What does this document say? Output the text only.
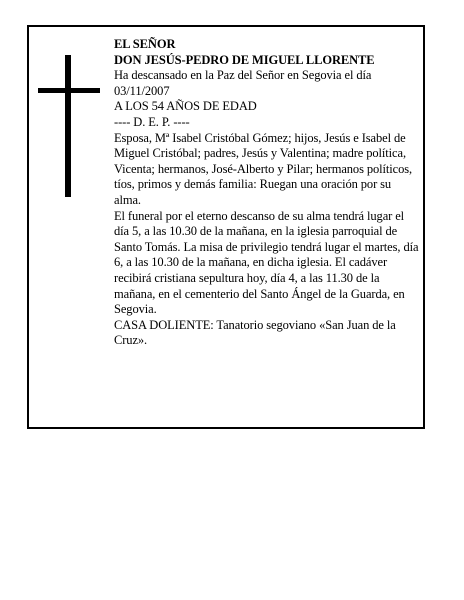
EL SEÑOR

DON JESÚS-PEDRO DE MIGUEL LLORENTE

Ha descansado en la Paz del Señor en Segovia el día 03/11/2007

A LOS 54 AÑOS DE EDAD

---- D. E. P. ----

Esposa, Mª Isabel Cristóbal Gómez; hijos, Jesús e Isabel de Miguel Cristóbal; padres, Jesús y Valentina; madre política, Vicenta; hermanos, José-Alberto y Pilar; hermanos políticos, tíos, primos y demás familia: Ruegan una oración por su alma.

El funeral por el eterno descanso de su alma tendrá lugar el día 5, a las 10.30 de la mañana, en la iglesia parroquial de Santo Tomás. La misa de privilegio tendrá lugar el martes, día 6, a las 10.30 de la mañana, en dicha iglesia. El cadáver recibirá cristiana sepultura hoy, día 4, a las 11.30 de la mañana, en el cementerio del Santo Ángel de la Guarda, en Segovia.

CASA DOLIENTE: Tanatorio segoviano «San Juan de la Cruz».
